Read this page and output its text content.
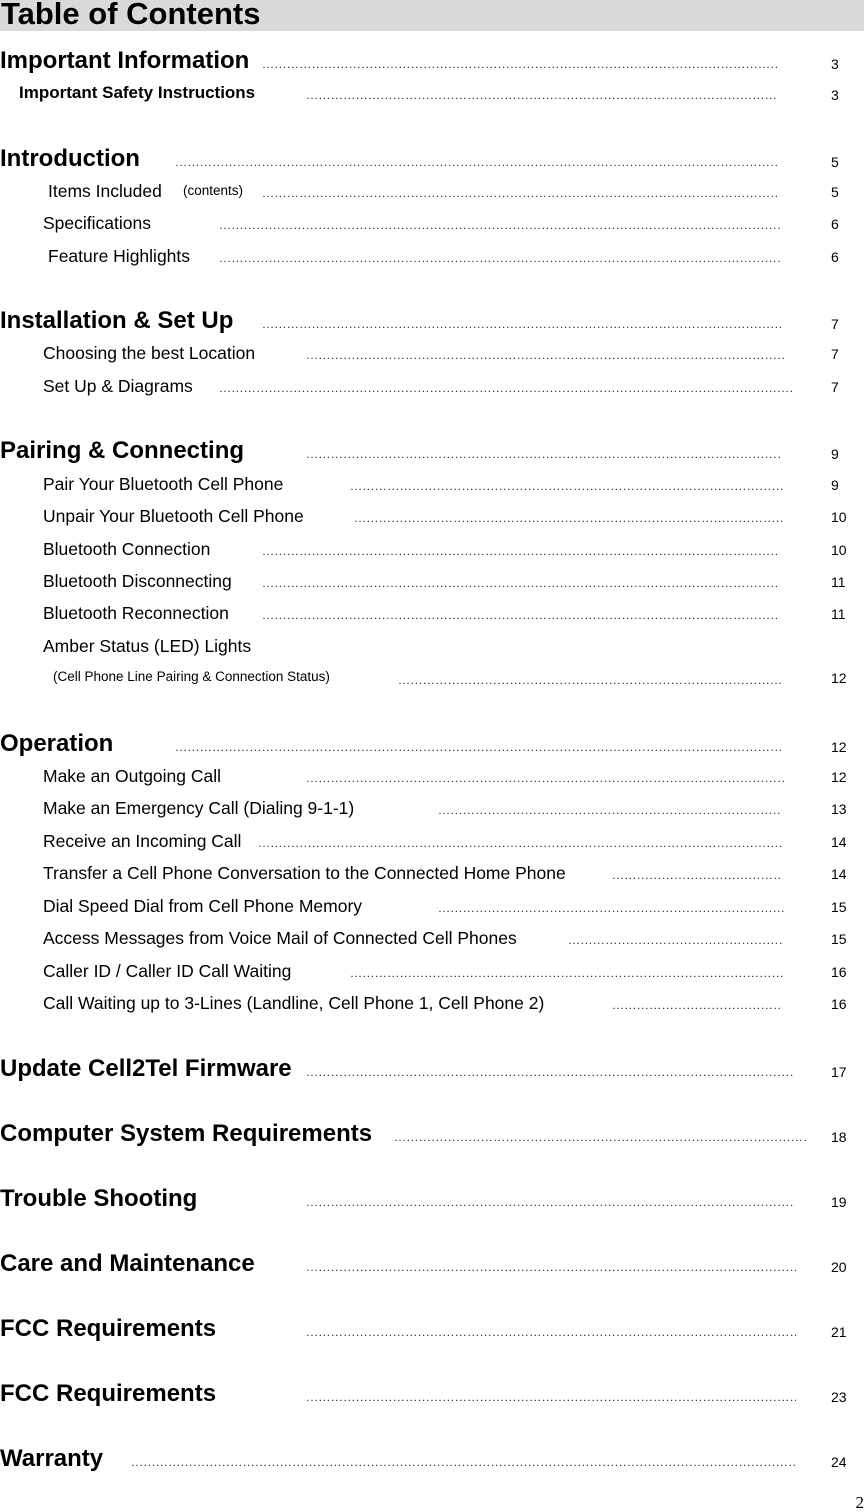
Table of Contents
Important Information ……………………………………………………………………………………………………………………………………………………………………………………………	3
Important Safety Instructions ……………………………………………………………………………………………………………………………………………………………………………………………	3
Introduction ……………………………………………………………………………………………………………………………………………………………………………………………	5
Items Included (contents) ……………………………………………………………………………………………………………………………………………………………………………………………	5
Specifications ……………………………………………………………………………………………………………………………………………………………………………………………	6
Feature Highlights ……………………………………………………………………………………………………………………………………………………………………………………………	6
Installation & Set Up ……………………………………………………………………………………………………………………………………………………………………………………………	7
Choosing the best Location ……………………………………………………………………………………………………………………………………………………………………………………………	7
Set Up & Diagrams ……………………………………………………………………………………………………………………………………………………………………………………………	7
Pairing & Connecting ……………………………………………………………………………………………………………………………………………………………………………………………	9
Pair Your Bluetooth Cell Phone ……………………………………………………………………………………………………………………………………………………………………………………………	9
Unpair Your Bluetooth Cell Phone ……………………………………………………………………………………………………………………………………………………………………………………………	10
Bluetooth Connection ……………………………………………………………………………………………………………………………………………………………………………………………	10
Bluetooth Disconnecting ……………………………………………………………………………………………………………………………………………………………………………………………	11
Bluetooth Reconnection ……………………………………………………………………………………………………………………………………………………………………………………………	11
Amber Status (LED) Lights
(Cell Phone Line Pairing & Connection Status) ……………………………………………………………………………………………………………………………………………………………………………………………	12
Operation ……………………………………………………………………………………………………………………………………………………………………………………………	12
Make an Outgoing Call ……………………………………………………………………………………………………………………………………………………………………………………………	12
Make an Emergency Call (Dialing 9-1-1) ……………………………………………………………………………………………………………………………………………………………………………………………	13
Receive an Incoming Call ……………………………………………………………………………………………………………………………………………………………………………………………	14
Transfer a Cell Phone Conversation to the Connected Home Phone ……………………………………………………………………………………………………………………………………………………………………………………………	14
Dial Speed Dial from Cell Phone Memory ……………………………………………………………………………………………………………………………………………………………………………………………	15
Access Messages from Voice Mail of Connected Cell Phones ……………………………………………………………………………………………………………………………………………………………………………………………	15
Caller ID / Caller ID Call Waiting ……………………………………………………………………………………………………………………………………………………………………………………………	16
Call Waiting up to 3-Lines (Landline, Cell Phone 1, Cell Phone 2) ……………………………………………………………………………………………………………………………………………………………………………………………	16
Update Cell2Tel Firmware ……………………………………………………………………………………………………………………………………………………………………………………………	17
Computer System Requirements ……………………………………………………………………………………………………………………………………………………………………………………………	18
Trouble Shooting ……………………………………………………………………………………………………………………………………………………………………………………………	19
Care and Maintenance ……………………………………………………………………………………………………………………………………………………………………………………………	20
FCC Requirements ……………………………………………………………………………………………………………………………………………………………………………………………	21
FCC Requirements ……………………………………………………………………………………………………………………………………………………………………………………………	23
Warranty ……………………………………………………………………………………………………………………………………………………………………………………………	24
2
